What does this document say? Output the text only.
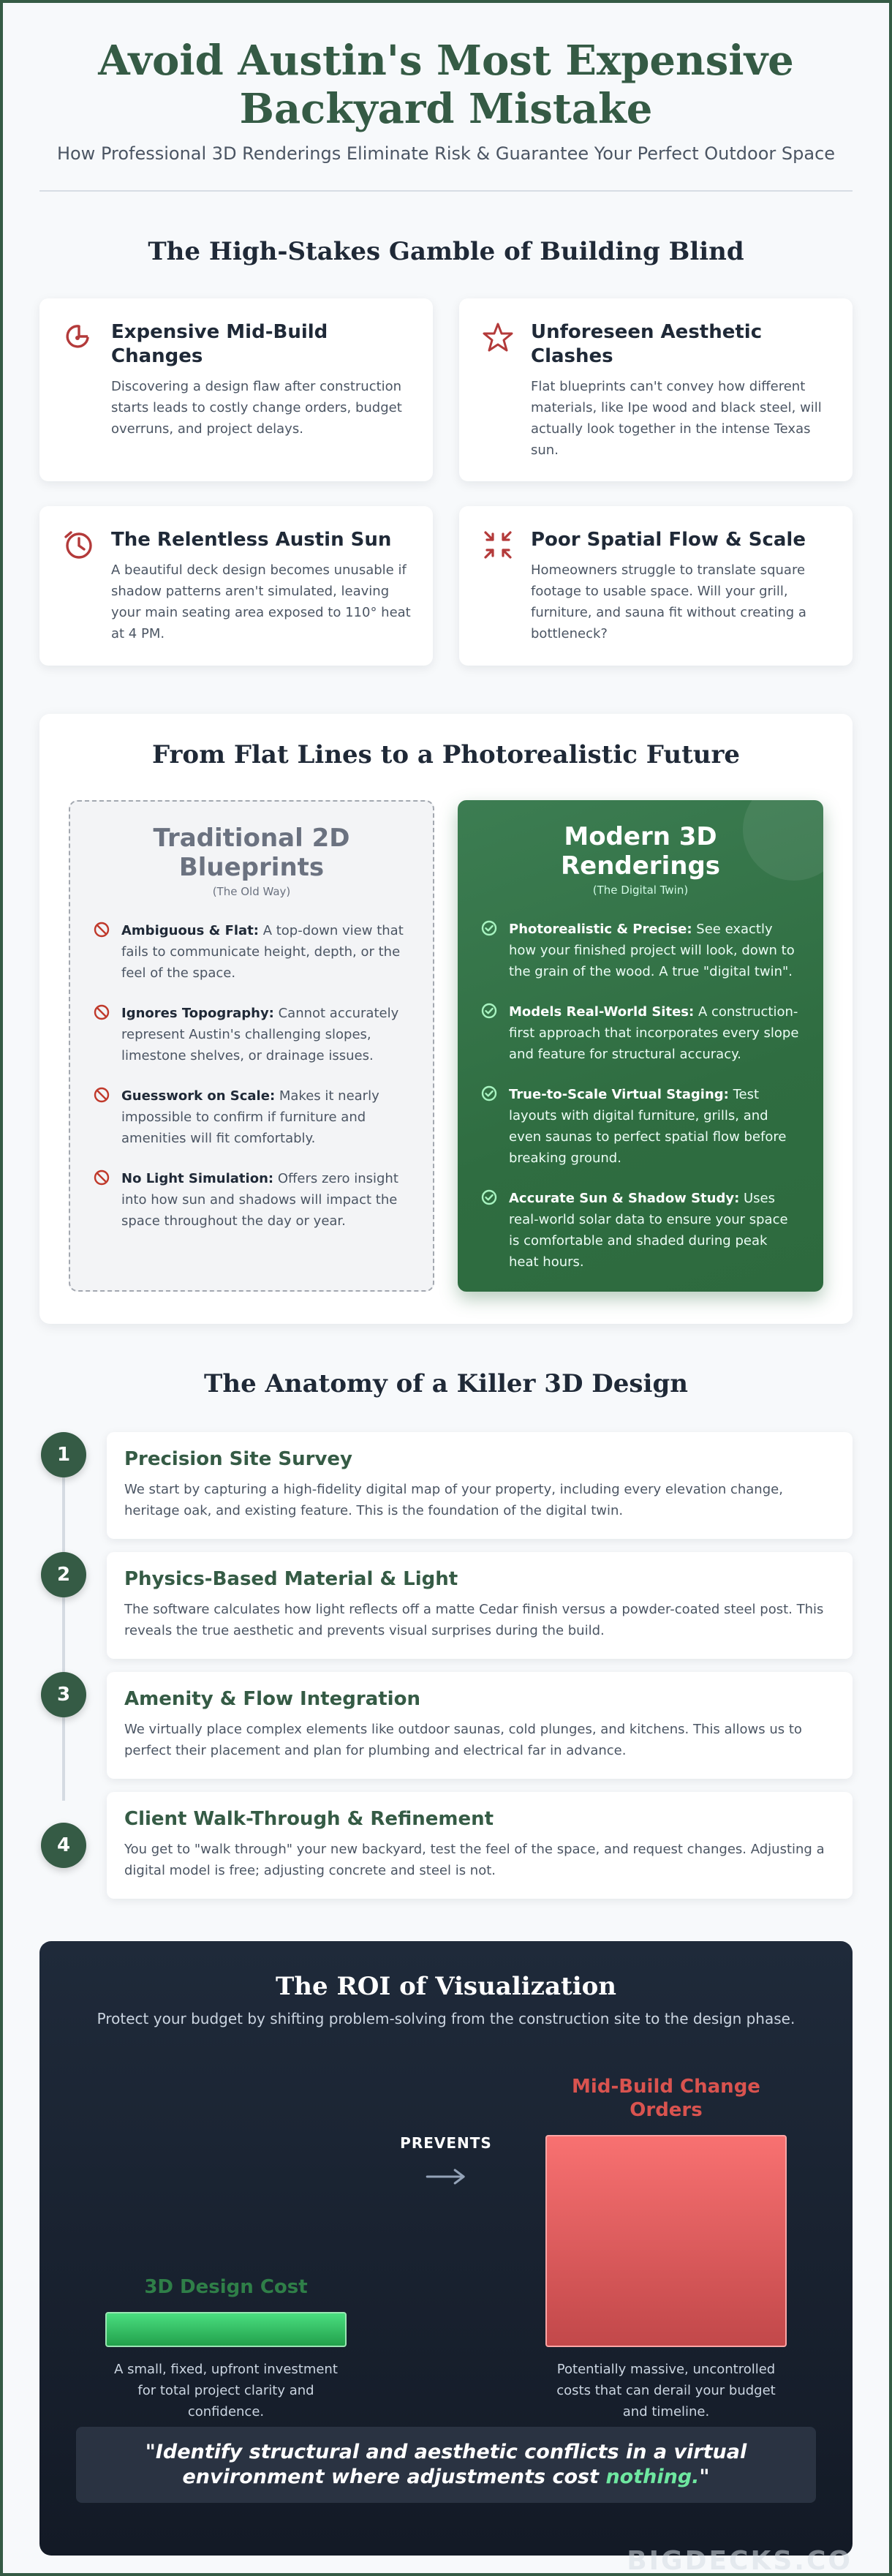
Avoid Austin's Most Expensive Backyard Mistake

How Professional 3D Renderings Eliminate Risk & Guarantee Your Perfect Outdoor Space

The High-Stakes Gamble of Building Blind
Expensive Mid-Build Changes

Discovering a design flaw after construction starts leads to costly change orders, budget overruns, and project delays.

Unforeseen Aesthetic Clashes

Flat blueprints can't convey how different materials, like Ipe wood and black steel, will actually look together in the intense Texas sun.

The Relentless Austin Sun

A beautiful deck design becomes unusable if shadow patterns aren't simulated, leaving your main seating area exposed to 110° heat at 4 PM.

Poor Spatial Flow & Scale

Homeowners struggle to translate square footage to usable space. Will your grill, furniture, and sauna fit without creating a bottleneck?

From Flat Lines to a Photorealistic Future
Traditional 2D Blueprints
(The Old Way)

Ambiguous & Flat: A top-down view that fails to communicate height, depth, or the feel of the space.

Ignores Topography: Cannot accurately represent Austin's challenging slopes, limestone shelves, or drainage issues.

Guesswork on Scale: Makes it nearly impossible to confirm if furniture and amenities will fit comfortably.

No Light Simulation: Offers zero insight into how sun and shadows will impact the space throughout the day or year.

Modern 3D Renderings
(The Digital Twin)

Photorealistic & Precise: See exactly how your finished project will look, down to the grain of the wood. A true "digital twin".

Models Real-World Sites: A construction-first approach that incorporates every slope and feature for structural accuracy.

True-to-Scale Virtual Staging: Test layouts with digital furniture, grills, and even saunas to perfect spatial flow before breaking ground.

Accurate Sun & Shadow Study: Uses real-world solar data to ensure your space is comfortable and shaded during peak heat hours.

The Anatomy of a Killer 3D Design
1	Precision Site Survey

We start by capturing a high-fidelity digital map of your property, including every elevation change, heritage oak, and existing feature. This is the foundation of the digital twin.

2	Physics-Based Material & Light

The software calculates how light reflects off a matte Cedar finish versus a powder-coated steel post. This reveals the true aesthetic and prevents visual surprises during the build.

3	Amenity & Flow Integration

We virtually place complex elements like outdoor saunas, cold plunges, and kitchens. This allows us to perfect their placement and plan for plumbing and electrical far in advance.

4
Client Walk-Through & Refinement

You get to "walk through" your new backyard, test the feel of the space, and request changes. Adjusting a digital model is free; adjusting concrete and steel is not.

The ROI of Visualization

Protect your budget by shifting problem-solving from the construction site to the design phase.

3D Design Cost

A small, fixed, upfront investment for total project clarity and confidence.

PREVENTS
Mid-Build Change Orders

Potentially massive, uncontrolled costs that can derail your budget and timeline.

"Identify structural and aesthetic conflicts in a virtual environment where adjustments cost nothing."
BIGDECKS.CO
